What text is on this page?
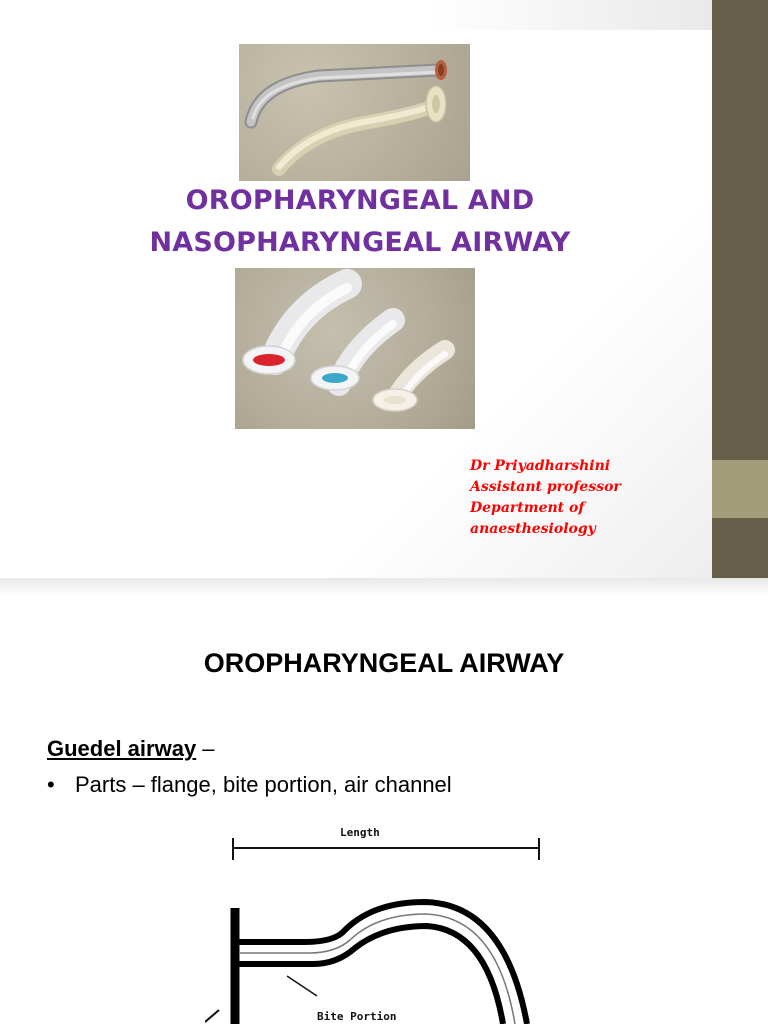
OROPHARYNGEAL AND
NASOPHARYNGEAL AIRWAY
Dr Priyadharshini
Assistant professor
Department of
anaesthesiology
OROPHARYNGEAL AIRWAY
Guedel airway –
• Parts – flange, bite portion, air channel
Length
Bite Portion
